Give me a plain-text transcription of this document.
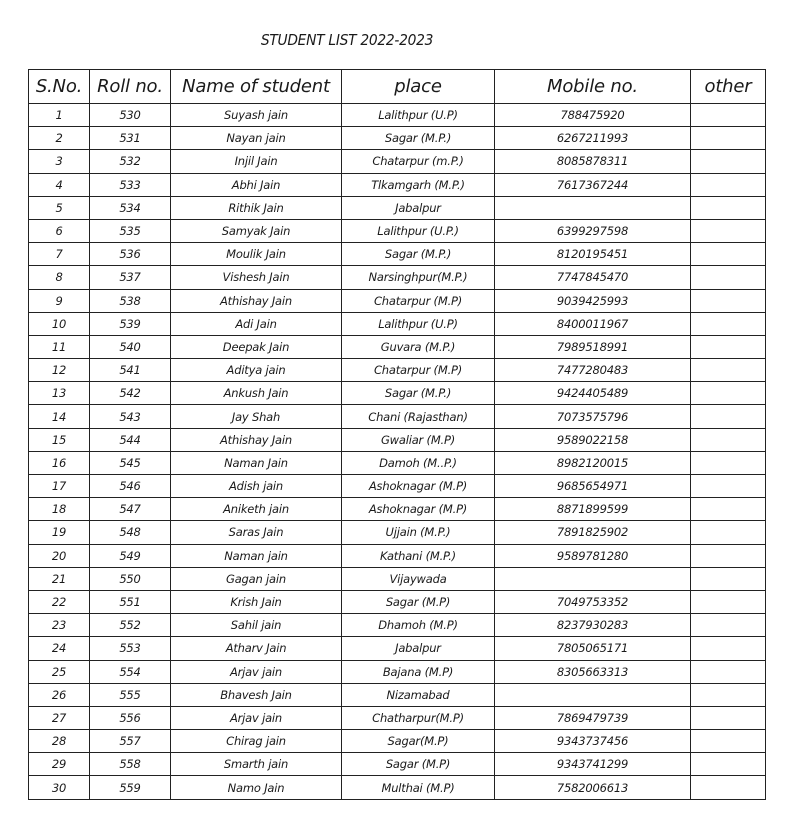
STUDENT LIST 2022-2023
S.No.	Roll no.	Name of student	place	Mobile no.	other
1	530	Suyash jain	Lalithpur (U.P)	788475920	
2	531	Nayan jain	Sagar (M.P.)	6267211993	
3	532	Injil Jain	Chatarpur (m.P.)	8085878311	
4	533	Abhi Jain	Tlkamgarh (M.P.)	7617367244	
5	534	Rithik Jain	Jabalpur		
6	535	Samyak Jain	Lalithpur (U.P.)	6399297598	
7	536	Moulik Jain	Sagar (M.P.)	8120195451	
8	537	Vishesh Jain	Narsinghpur(M.P.)	7747845470	
9	538	Athishay Jain	Chatarpur (M.P)	9039425993	
10	539	Adi Jain	Lalithpur (U.P)	8400011967	
11	540	Deepak Jain	Guvara (M.P.)	7989518991	
12	541	Aditya jain	Chatarpur (M.P)	7477280483	
13	542	Ankush Jain	Sagar (M.P.)	9424405489	
14	543	Jay Shah	Chani (Rajasthan)	7073575796	
15	544	Athishay Jain	Gwaliar (M.P)	9589022158	
16	545	Naman Jain	Damoh (M..P.)	8982120015	
17	546	Adish jain	Ashoknagar (M.P)	9685654971	
18	547	Aniketh jain	Ashoknagar (M.P)	8871899599	
19	548	Saras Jain	Ujjain (M.P.)	7891825902	
20	549	Naman jain	Kathani (M.P.)	9589781280	
21	550	Gagan jain	Vijaywada		
22	551	Krish Jain	Sagar (M.P)	7049753352	
23	552	Sahil jain	Dhamoh (M.P)	8237930283	
24	553	Atharv Jain	Jabalpur	7805065171	
25	554	Arjav jain	Bajana (M.P)	8305663313	
26	555	Bhavesh Jain	Nizamabad		
27	556	Arjav jain	Chatharpur(M.P)	7869479739	
28	557	Chirag jain	Sagar(M.P)	9343737456	
29	558	Smarth jain	Sagar (M.P)	9343741299	
30	559	Namo Jain	Multhai (M.P)	7582006613	
